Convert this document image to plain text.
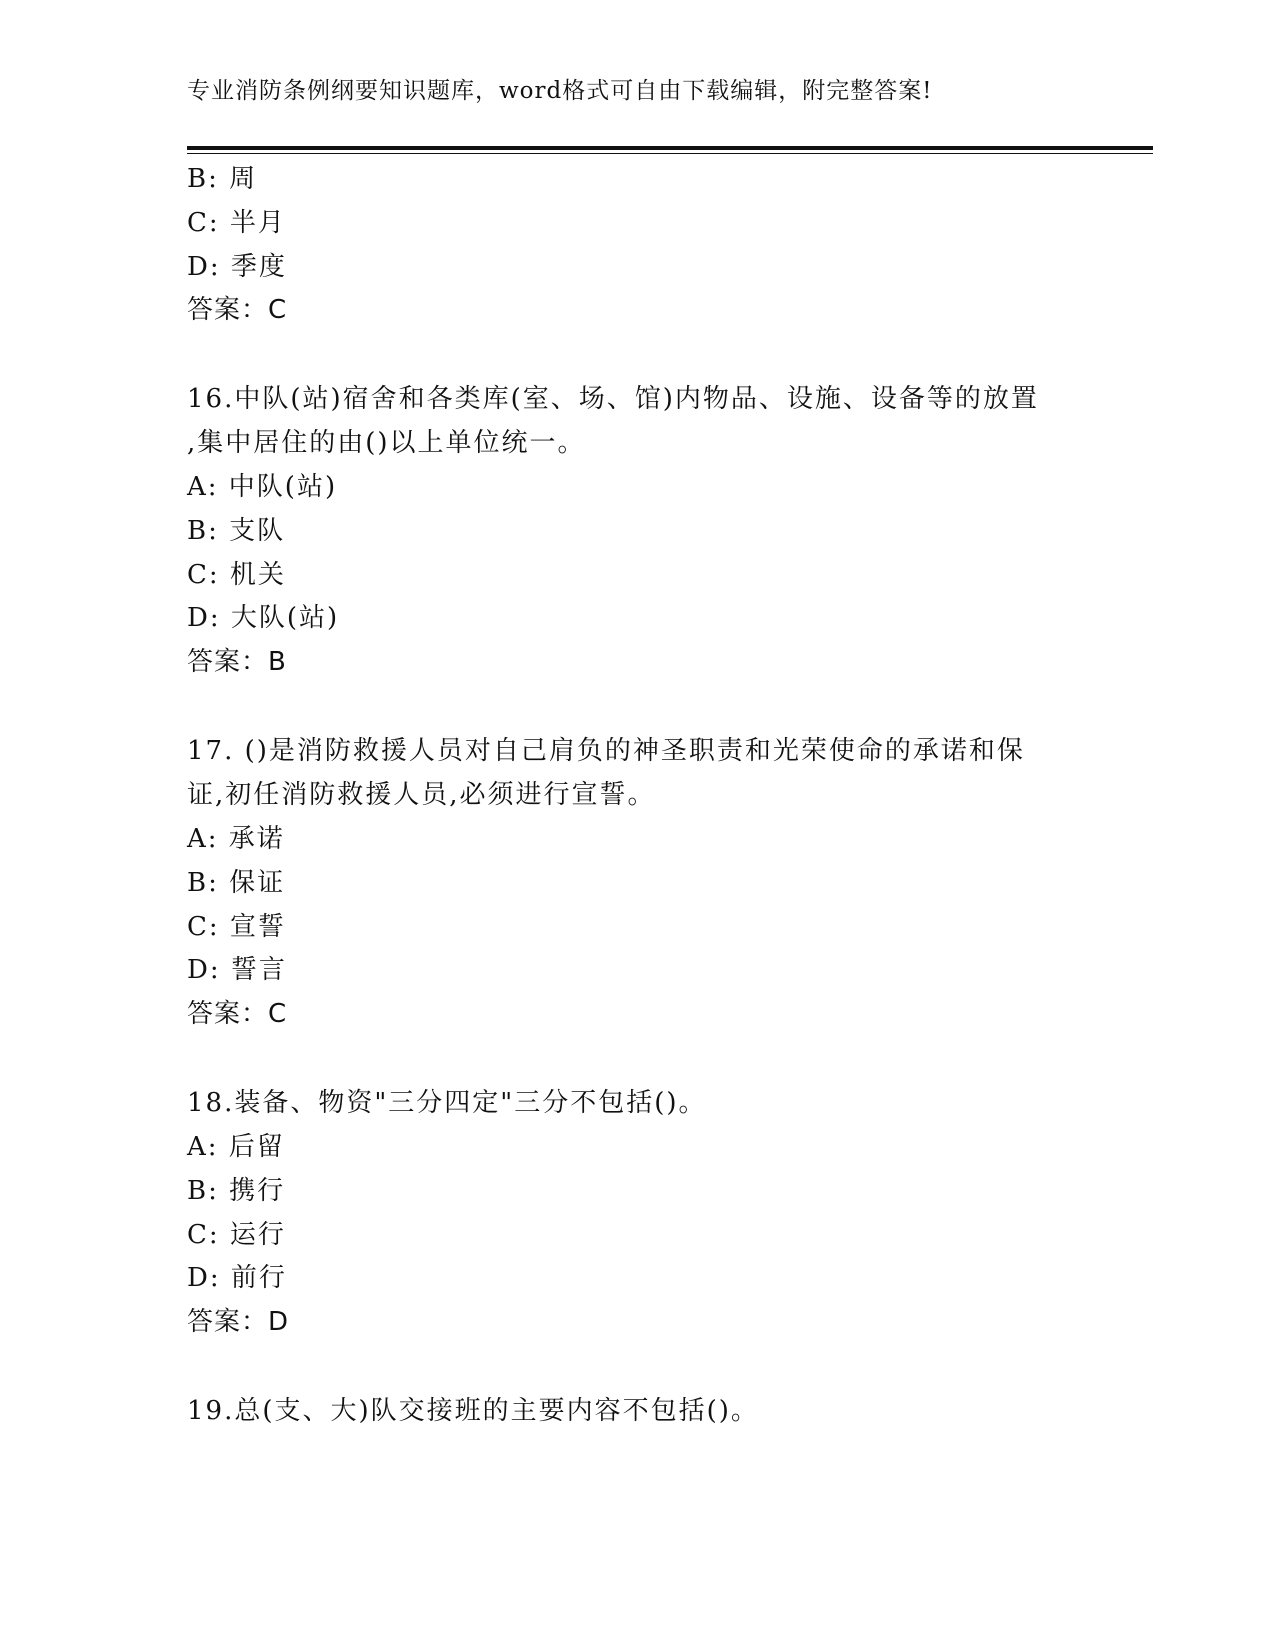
专业消防条例纲要知识题库，word格式可自由下载编辑，附完整答案!
B: 周
C: 半月
D: 季度
答案：C
16.中队(站)宿舍和各类库(室、场、馆)内物品、设施、设备等的放置
,集中居住的由()以上单位统一。
A: 中队(站)
B: 支队
C: 机关
D: 大队(站)
答案：B
17. ()是消防救援人员对自己肩负的神圣职责和光荣使命的承诺和保
证,初任消防救援人员,必须进行宣誓。
A: 承诺
B: 保证
C: 宣誓
D: 誓言
答案：C
18.装备、物资"三分四定"三分不包括()。
A: 后留
B: 携行
C: 运行
D: 前行
答案：D
19.总(支、大)队交接班的主要内容不包括()。
